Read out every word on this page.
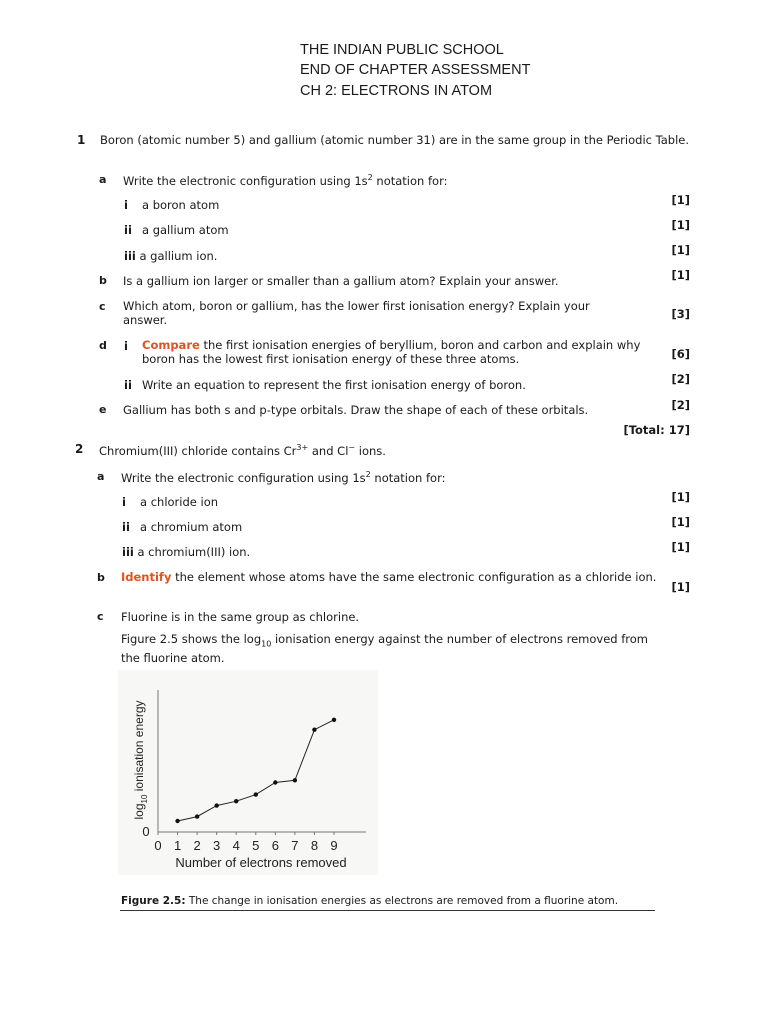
THE INDIAN PUBLIC SCHOOL
END OF CHAPTER ASSESSMENT
CH 2: ELECTRONS IN ATOM
1 Boron (atomic number 5) and gallium (atomic number 31) are in the same group in the Periodic Table.
a Write the electronic configuration using $1s^2$ notation for:
i a boron atom	[1]
ii a gallium atom	[1]
iii a gallium ion.	[1]
b Is a gallium ion larger or smaller than a gallium atom? Explain your answer.	[1]
c Which atom, boron or gallium, has the lower first ionisation energy? Explain your answer.	[3]
d i Compare the first ionisation energies of beryllium, boron and carbon and explain why boron has the lowest first ionisation energy of these three atoms.	[6]
ii Write an equation to represent the first ionisation energy of boron.	[2]
e Gallium has both s and p-type orbitals. Draw the shape of each of these orbitals.	[2]
[Total: 17]
2 Chromium(III) chloride contains $Cr^{3+}$ and Cl− ions.
a Write the electronic configuration using $1s^2$ notation for:
i a chloride ion	[1]
ii a chromium atom	[1]
iii a chromium(III) ion.	[1]
b Identify the element whose atoms have the same electronic configuration as a chloride ion.
[1]
c Fluorine is in the same group as chlorine.
Figure 2.5 shows the $\log_{10}$ ionisation energy against the number of electrons removed from the fluorine atom.
0 1 2 3 4 5 6 7 8 9
0
Number of electrons removed
$\log_{10}$ ionisation energy
Figure 2.5: The change in ionisation energies as electrons are removed from a fluorine atom.
